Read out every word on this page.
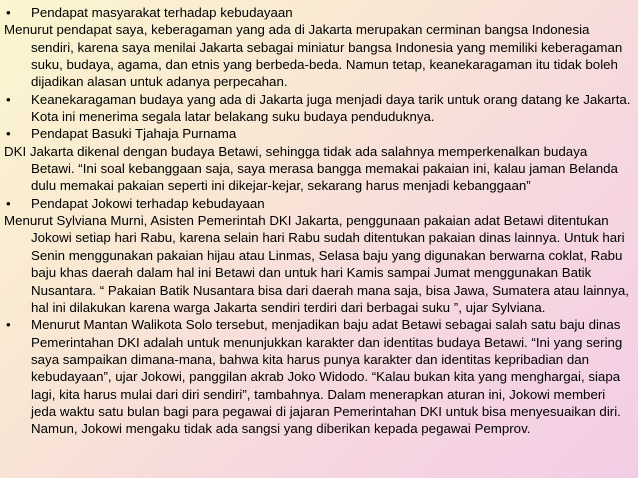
• Pendapat masyarakat terhadap kebudayaan
Menurut pendapat saya, keberagaman yang ada di Jakarta merupakan cerminan bangsa Indonesia sendiri, karena saya menilai Jakarta sebagai miniatur bangsa Indonesia yang memiliki keberagaman suku, budaya, agama, dan etnis yang berbeda-beda. Namun tetap, keanekaragaman itu tidak boleh dijadikan alasan untuk adanya perpecahan.
• Keanekaragaman budaya yang ada di Jakarta juga menjadi daya tarik untuk orang datang ke Jakarta. Kota ini menerima segala latar belakang suku budaya penduduknya.
• Pendapat Basuki Tjahaja Purnama
DKI Jakarta dikenal dengan budaya Betawi, sehingga tidak ada salahnya memperkenalkan budaya Betawi. “Ini soal kebanggaan saja, saya merasa bangga memakai pakaian ini, kalau jaman Belanda dulu memakai pakaian seperti ini dikejar-kejar, sekarang harus menjadi kebanggaan”
• Pendapat Jokowi terhadap kebudayaan
Menurut Sylviana Murni, Asisten Pemerintah DKI Jakarta, penggunaan pakaian adat Betawi ditentukan Jokowi setiap hari Rabu, karena selain hari Rabu sudah ditentukan pakaian dinas lainnya. Untuk hari Senin menggunakan pakaian hijau atau Linmas, Selasa baju yang digunakan berwarna coklat, Rabu baju khas daerah dalam hal ini Betawi dan untuk hari Kamis sampai Jumat menggunakan Batik Nusantara. “ Pakaian Batik Nusantara bisa dari daerah mana saja, bisa Jawa, Sumatera atau lainnya, hal ini dilakukan karena warga Jakarta sendiri terdiri dari berbagai suku ”, ujar Sylviana.
• Menurut Mantan Walikota Solo tersebut, menjadikan baju adat Betawi sebagai salah satu baju dinas Pemerintahan DKI adalah untuk menunjukkan karakter dan identitas budaya Betawi. “Ini yang sering saya sampaikan dimana-mana, bahwa kita harus punya karakter dan identitas kepribadian dan kebudayaan”, ujar Jokowi, panggilan akrab Joko Widodo. “Kalau bukan kita yang menghargai, siapa lagi, kita harus mulai dari diri sendiri”, tambahnya. Dalam menerapkan aturan ini, Jokowi memberi jeda waktu satu bulan bagi para pegawai di jajaran Pemerintahan DKI untuk bisa menyesuaikan diri. Namun, Jokowi mengaku tidak ada sangsi yang diberikan kepada pegawai Pemprov.
